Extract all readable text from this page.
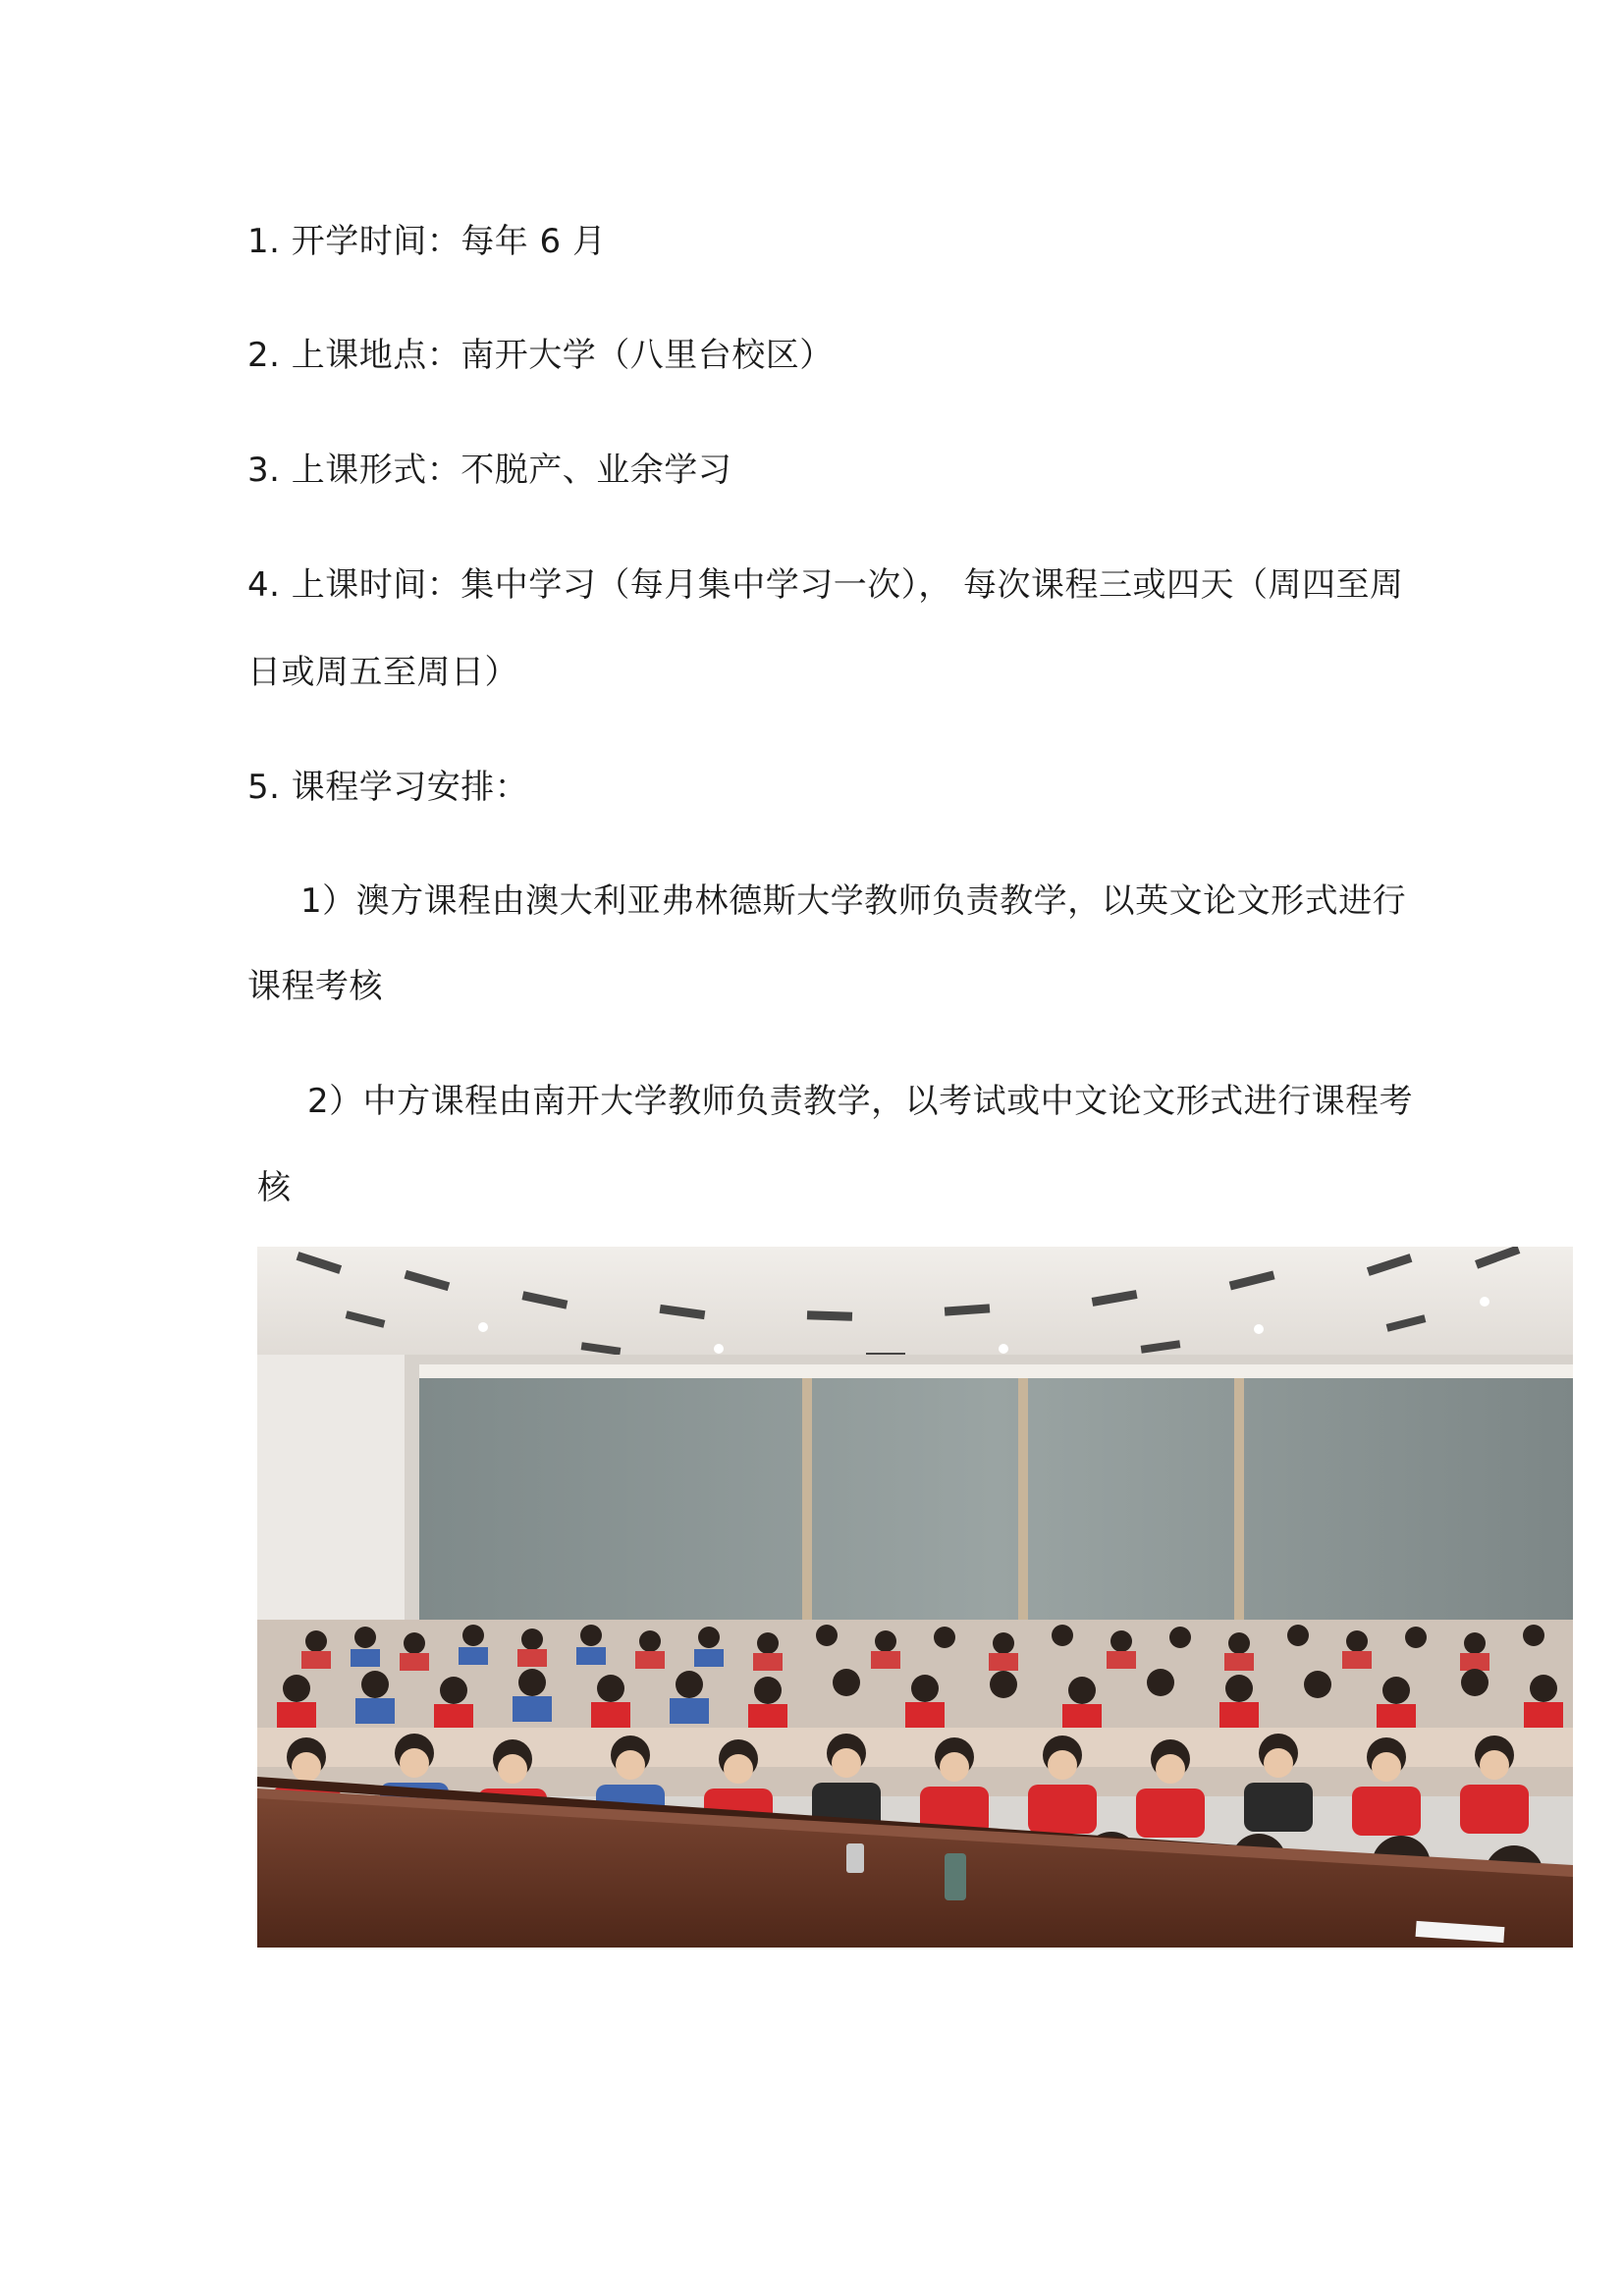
1. 开学时间：每年 6 月
2. 上课地点：南开大学（八里台校区）
3. 上课形式：不脱产、业余学习
4. 上课时间：集中学习（每月集中学习一次）， 每次课程三或四天（周四至周
日或周五至周日）
5. 课程学习安排：
1）澳方课程由澳大利亚弗林德斯大学教师负责教学，以英文论文形式进行
课程考核
2）中方课程由南开大学教师负责教学，以考试或中文论文形式进行课程考
核
